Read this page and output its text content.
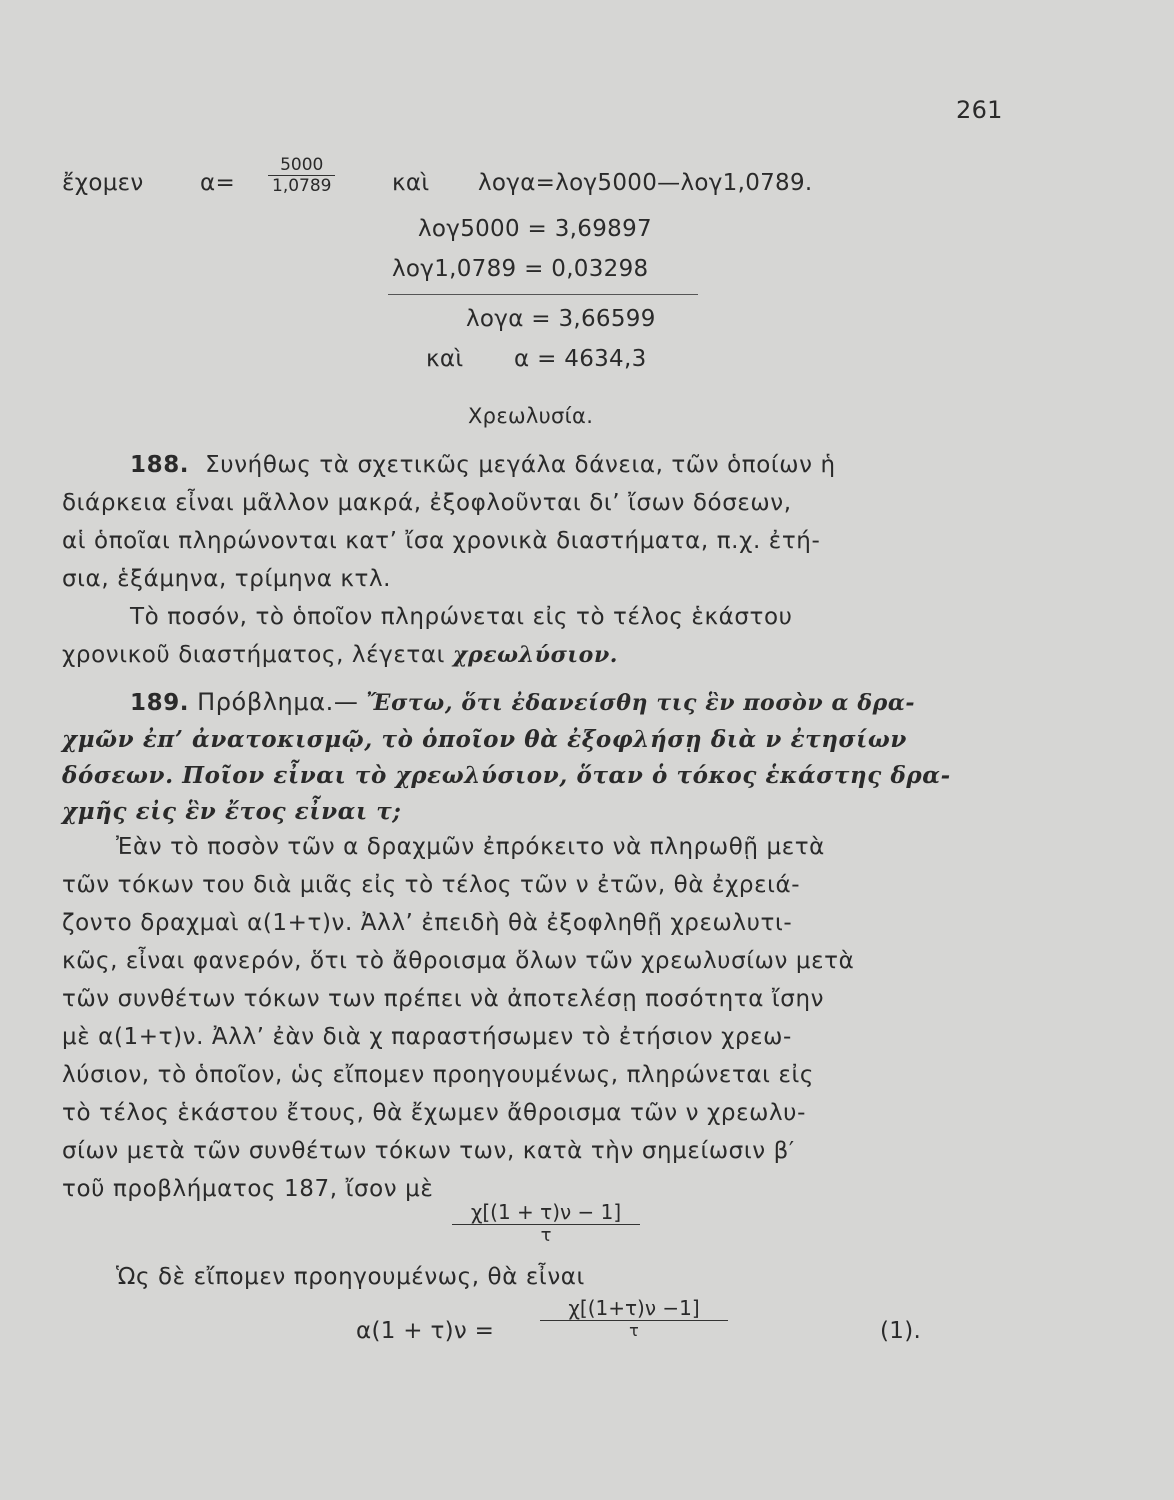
261
ἔχομεν $\alpha= \frac{5000}{1,0789}$ καὶ λογα=λογ5000—λογ1,0789.
λογ5000 = 3,69897
λογ1,0789 = 0,03298
λογα = 3,66599
καὶ α = 4634,3
Χρεωλυσία.
188. Συνήθως τὰ σχετικῶς μεγάλα δάνεια, τῶν ὁποίων ἡ
διάρκεια εἶναι μᾶλλον μακρά, ἐξοφλοῦνται δι’ ἴσων δόσεων,
αἱ ὁποῖαι πληρώνονται κατ’ ἴσα χρονικὰ διαστήματα, π.χ. ἐτή-
σια, ἑξάμηνα, τρίμηνα κτλ.
Τὸ ποσόν, τὸ ὁποῖον πληρώνεται εἰς τὸ τέλος ἑκάστου
χρονικοῦ διαστήματος, λέγεται χρεωλύσιον.
189. Πρόβλημα.— Ἔστω, ὅτι ἐδανείσθη τις ἓν ποσὸν α δρα-
χμῶν ἐπ’ ἀνατοκισμῷ, τὸ ὁποῖον θὰ ἐξοφλήσῃ διὰ ν ἐτησίων
δόσεων. Ποῖον εἶναι τὸ χρεωλύσιον, ὅταν ὁ τόκος ἑκάστης δρα-
χμῆς εἰς ἓν ἔτος εἶναι τ;
Ἐὰν τὸ ποσὸν τῶν α δραχμῶν ἐπρόκειτο νὰ πληρωθῇ μετὰ
τῶν τόκων του διὰ μιᾶς εἰς τὸ τέλος τῶν ν ἐτῶν, θὰ ἐχρειά-
ζοντο δραχμαὶ α(1+τ)ν. Ἀλλ’ ἐπειδὴ θὰ ἐξοφληθῇ χρεωλυτι-
κῶς, εἶναι φανερόν, ὅτι τὸ ἄθροισμα ὅλων τῶν χρεωλυσίων μετὰ
τῶν συνθέτων τόκων των πρέπει νὰ ἀποτελέσῃ ποσότητα ἴσην
μὲ α(1+τ)ν. Ἀλλ’ ἐὰν διὰ χ παραστήσωμεν τὸ ἐτήσιον χρεω-
λύσιον, τὸ ὁποῖον, ὡς εἴπομεν προηγουμένως, πληρώνεται εἰς
τὸ τέλος ἑκάστου ἔτους, θὰ ἔχωμεν ἄθροισμα τῶν ν χρεωλυ-
σίων μετὰ τῶν συνθέτων τόκων των, κατὰ τὴν σημείωσιν β′
τοῦ προβλήματος 187, ἴσον μὲ
$\frac{\chi[(1 + \tau)\nu - 1]}{\tau}$
Ὡς δὲ εἴπομεν προηγουμένως, θὰ εἶναι
$\alpha(1 + \tau)\nu = \frac{\chi[(1+\tau)\nu -1]}{\tau}$	(1).
